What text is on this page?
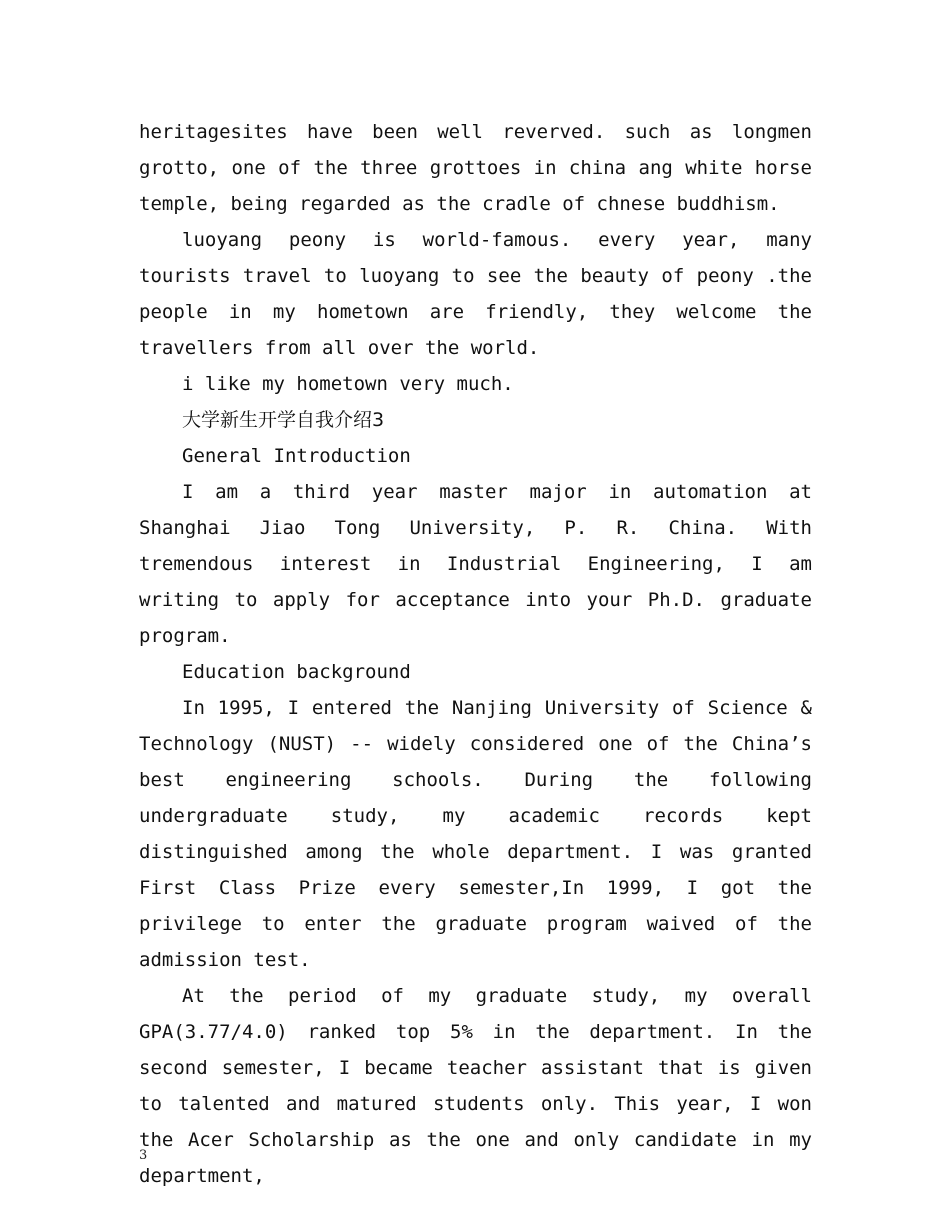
heritagesites have been well reverved. such as longmen grotto, one of the three grottoes in china ang white horse temple, being regarded as the cradle of chnese buddhism.

luoyang peony is world-famous. every year, many tourists travel to luoyang to see the beauty of peony .the people in my hometown are friendly, they welcome the travellers from all over the world.

i like my hometown very much.

大学新生开学自我介绍3

General Introduction

I am a third year master major in automation at Shanghai Jiao Tong University, P. R. China. With tremendous interest in Industrial Engineering, I am writing to apply for acceptance into your Ph.D. graduate program.

Education background

In 1995, I entered the Nanjing University of Science & Technology (NUST) -- widely considered one of the China’s best engineering schools. During the following undergraduate study, my academic records kept distinguished among the whole department. I was granted First Class Prize every semester,In 1999, I got the privilege to enter the graduate program waived of the admission test.

At the period of my graduate study, my overall GPA(3.77/4.0) ranked top 5% in the department. In the second semester, I became teacher assistant that is given to talented and matured students only. This year, I won the Acer Scholarship as the one and only candidate in my department,

3
